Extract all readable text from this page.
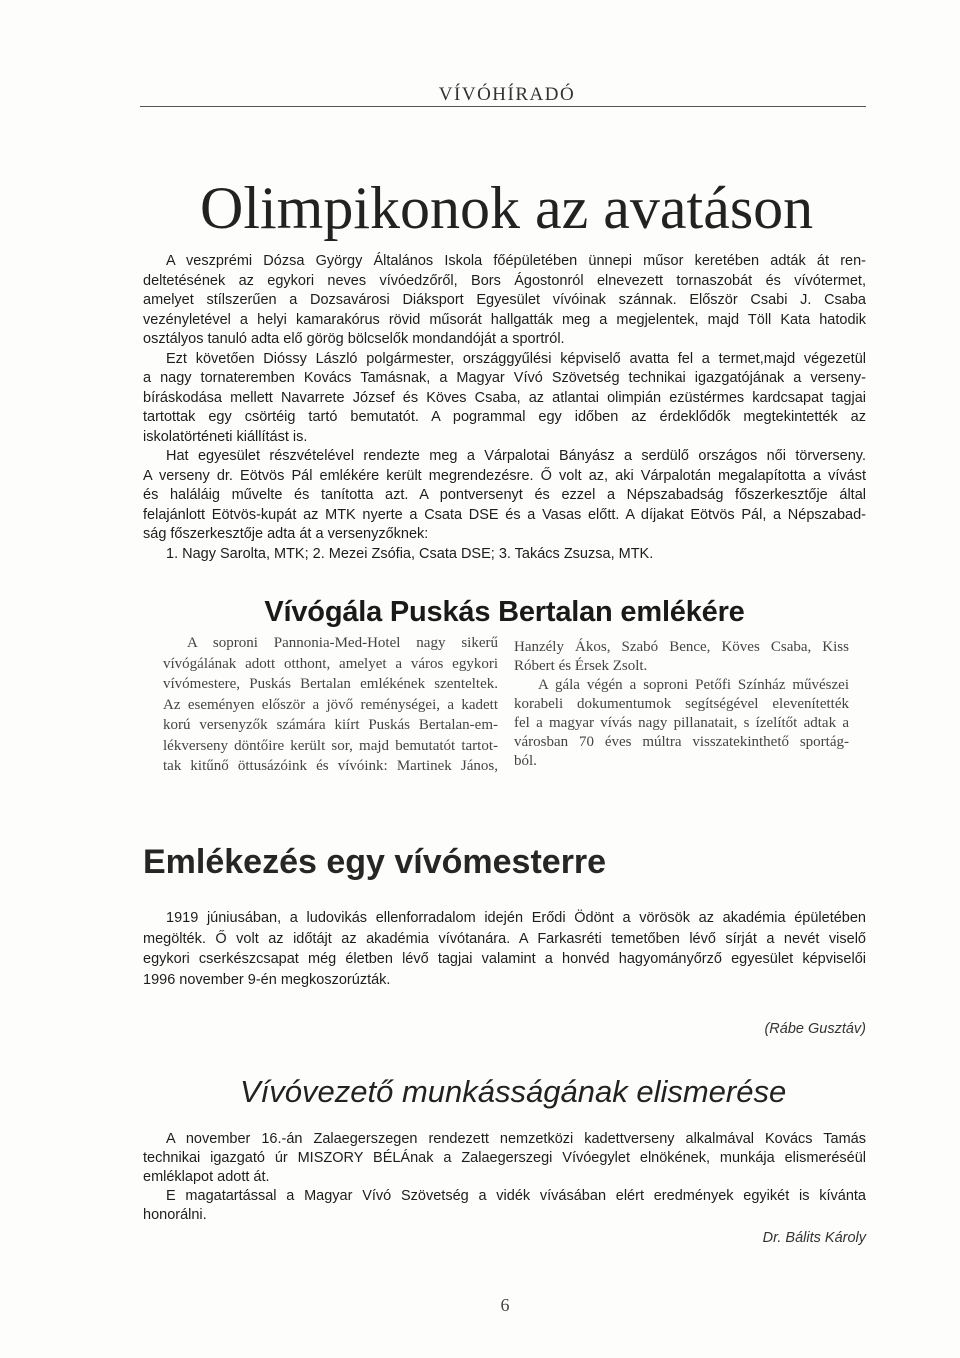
VÍVÓHÍRADÓ
Olimpikonok az avatáson
A veszprémi Dózsa György Általános Iskola főépületében ünnepi műsor keretében adták át ren-
deltetésének az egykori neves vívóedzőről, Bors Ágostonról elnevezett tornaszobát és vívótermet,
amelyet stílszerűen a Dozsavárosi Diáksport Egyesület vívóinak szánnak. Először Csabi J. Csaba
vezényletével a helyi kamarakórus rövid műsorát hallgatták meg a megjelentek, majd Töll Kata hatodik
osztályos tanuló adta elő görög bölcselők mondandóját a sportról.
Ezt követően Dióssy László polgármester, országgyűlési képviselő avatta fel a termet,majd végezetül
a nagy tornateremben Kovács Tamásnak, a Magyar Vívó Szövetség technikai igazgatójának a verseny-
bíráskodása mellett Navarrete József és Köves Csaba, az atlantai olimpián ezüstérmes kardcsapat tagjai
tartottak egy csörtéig tartó bemutatót. A pogrammal egy időben az érdeklődők megtekintették az
iskolatörténeti kiállítást is.
Hat egyesület részvételével rendezte meg a Várpalotai Bányász a serdülő országos női törverseny.
A verseny dr. Eötvös Pál emlékére került megrendezésre. Ő volt az, aki Várpalotán megalapította a vívást
és haláláig művelte és tanította azt. A pontversenyt és ezzel a Népszabadság főszerkesztője által
felajánlott Eötvös-kupát az MTK nyerte a Csata DSE és a Vasas előtt. A díjakat Eötvös Pál, a Népszabad-
ság főszerkesztője adta át a versenyzőknek:
1. Nagy Sarolta, MTK; 2. Mezei Zsófia, Csata DSE; 3. Takács Zsuzsa, MTK.
Vívógála Puskás Bertalan emlékére
A soproni Pannonia-Med-Hotel nagy sikerű
vívógálának adott otthont, amelyet a város egykori
vívómestere, Puskás Bertalan emlékének szenteltek.
Az eseményen először a jövő reménységei, a kadett
korú versenyzők számára kiírt Puskás Bertalan-em-
lékverseny döntőire került sor, majd bemutatót tartot-
tak kitűnő öttusázóink és vívóink: Martinek János,
Hanzély Ákos, Szabó Bence, Köves Csaba, Kiss
Róbert és Érsek Zsolt.
A gála végén a soproni Petőfi Színház művészei
korabeli dokumentumok segítségével elevenítették
fel a magyar vívás nagy pillanatait, s ízelítőt adtak a
városban 70 éves múltra visszatekinthető sportág-
ból.
Emlékezés egy vívómesterre
1919 júniusában, a ludovikás ellenforradalom idején Erődi Ödönt a vörösök az akadémia épületében
megölték. Ő volt az időtájt az akadémia vívótanára. A Farkasréti temetőben lévő sírját a nevét viselő
egykori cserkészcsapat még életben lévő tagjai valamint a honvéd hagyományőrző egyesület képviselői
1996 november 9-én megkoszorúzták.
(Rábe Gusztáv)
Vívóvezető munkásságának elismerése
A november 16.-án Zalaegerszegen rendezett nemzetközi kadettverseny alkalmával Kovács Tamás
technikai igazgató úr MISZORY BÉLÁnak a Zalaegerszegi Vívóegylet elnökének, munkája elismeréséül
emléklapot adott át.
E magatartással a Magyar Vívó Szövetség a vidék vívásában elért eredmények egyikét is kívánta
honorálni.
Dr. Bálits Károly
6
